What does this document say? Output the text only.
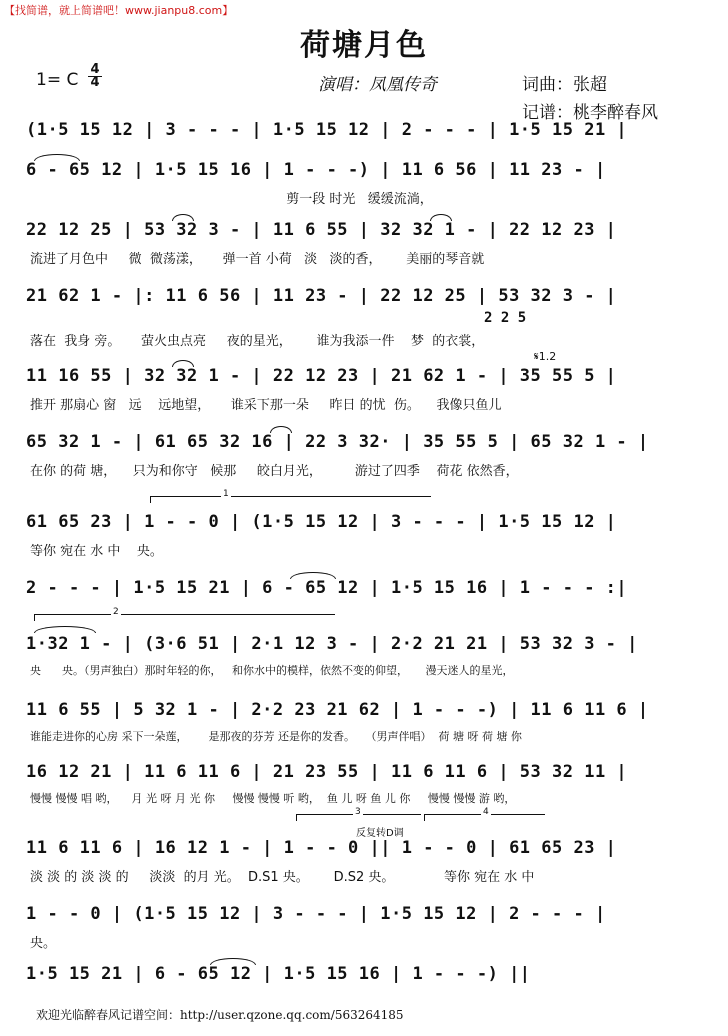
【找简谱，就上简谱吧！www.jianpu8.com】
荷塘月色
1= C
4
4	演唱：凤凰传奇	词曲：张超
记谱：桃李醉春风
(1·5 15 12 | 3 - - - | 1·5 15 12 | 2 - - - | 1·5 15 21 |
6 - 65 12 | 1·5 15 16 | 1 - - -) | 11 6 56 | 11 23 - |
剪一段 时光   缓缓流淌，
22 12 25 | 53 32 3 - | 11 6 55 | 32 32 1 - | 22 12 23 |
流进了月色中     微  微荡漾，     弹一首 小荷   淡   淡的香，      美丽的琴音就
21 62 1 - |: 11 6 56 | 11 23 - | 22 12 25 | 53 32 3 - |
2 2 5
落在  我身 旁。     萤火虫点亮     夜的星光，      谁为我添一件    梦  的衣裳，
𝄋1.2
11 16 55 | 32 32 1 - | 22 12 23 | 21 62 1 - | 35 55 5 |
推开 那扇心 窗   远    远地望，     谁采下那一朵     昨日 的忧  伤。    我像只鱼儿
65 32 1 - | 61 65 32 16 | 22 3 32· | 35 55 5 | 65 32 1 - |
在你 的荷 塘，    只为和你守   候那     皎白月光，        游过了四季    荷花 依然香，
1
61 65 23 | 1 - - 0 | (1·5 15 12 | 3 - - - | 1·5 15 12 |
等你 宛在 水 中    央。
2 - - - | 1·5 15 21 | 6 - 65 12 | 1·5 15 16 | 1 - - - :|
2
1·32 1 - | (3·6 51 | 2·1 12 3 - | 2·2 21 21 | 53 32 3 - |
央      央。（男声独白）那时年轻的你，   和你水中的模样，依然不变的仰望，     漫天迷人的星光，
11 6 55 | 5 32 1 - | 2·2 23 21 62 | 1 - - -) | 11 6 11 6 |
谁能走进你的心房 采下一朵莲，      是那夜的芬芳 还是你的发香。   （男声伴唱）  荷 塘 呀 荷 塘 你
16 12 21 | 11 6 11 6 | 21 23 55 | 11 6 11 6 | 53 32 11 |
慢慢 慢慢 唱 哟，    月 光 呀 月 光 你     慢慢 慢慢 听 哟，  鱼 儿 呀 鱼 儿 你     慢慢 慢慢 游 哟，
3
反复转D调
4
11 6 11 6 | 16 12 1 - | 1 - - 0 || 1 - - 0 | 61 65 23 |
淡 淡 的 淡 淡 的     淡淡  的月 光。  D.S1 央。      D.S2 央。            等你 宛在 水 中
1 - - 0 | (1·5 15 12 | 3 - - - | 1·5 15 12 | 2 - - - |
央。
1·5 15 21 | 6 - 65 12 | 1·5 15 16 | 1 - - -) ||
欢迎光临醉春风记谱空间：http://user.qzone.qq.com/563264185
